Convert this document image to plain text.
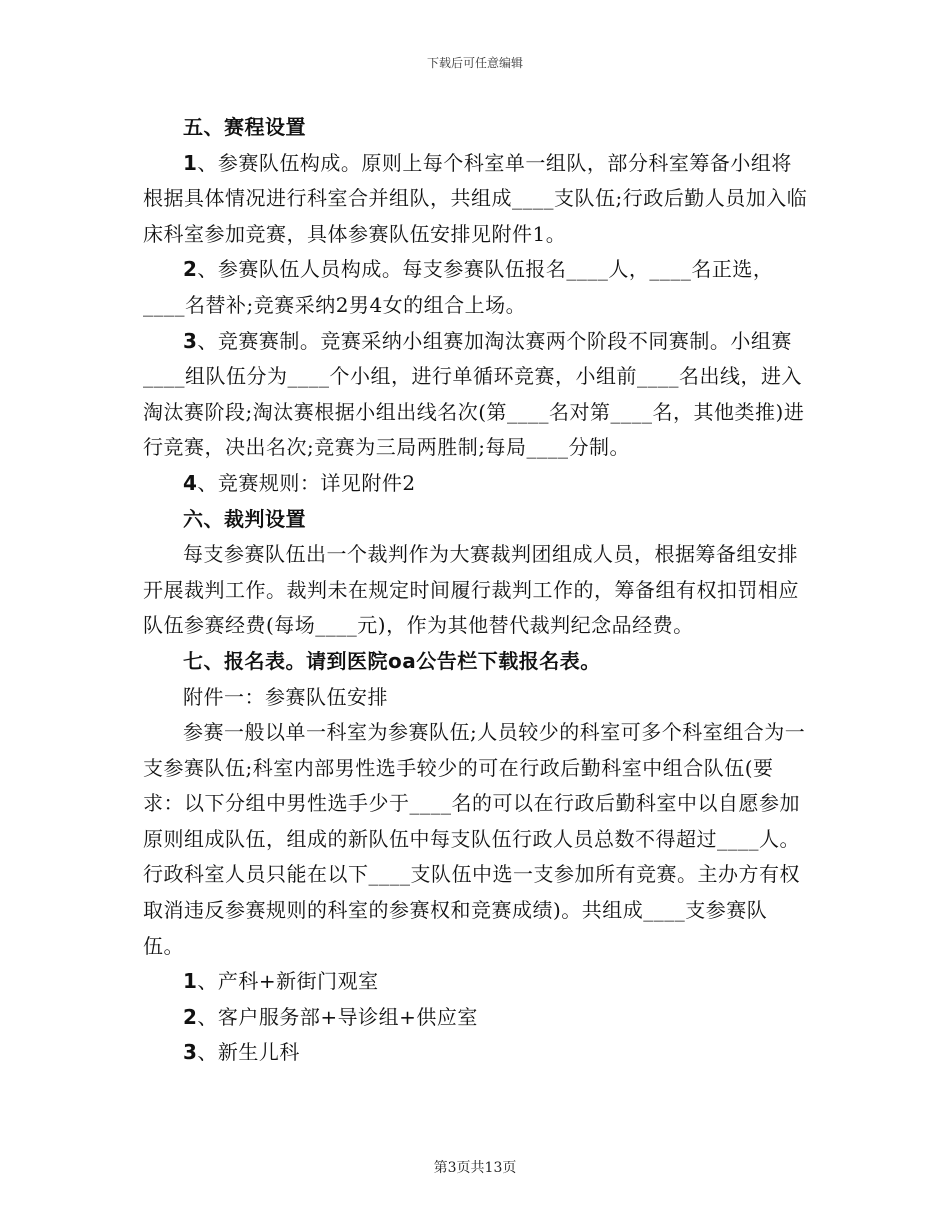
下载后可任意编辑

五、赛程设置

1、参赛队伍构成。原则上每个科室单一组队，部分科室筹备小组将根据具体情况进行科室合并组队，共组成____支队伍;行政后勤人员加入临床科室参加竞赛，具体参赛队伍安排见附件1。

2、参赛队伍人员构成。每支参赛队伍报名____人，____名正选，____名替补;竞赛采纳2男4女的组合上场。

3、竞赛赛制。竞赛采纳小组赛加淘汰赛两个阶段不同赛制。小组赛____组队伍分为____个小组，进行单循环竞赛，小组前____名出线，进入淘汰赛阶段;淘汰赛根据小组出线名次(第____名对第____名，其他类推)进行竞赛，决出名次;竞赛为三局两胜制;每局____分制。

4、竞赛规则：详见附件2

六、裁判设置

每支参赛队伍出一个裁判作为大赛裁判团组成人员，根据筹备组安排开展裁判工作。裁判未在规定时间履行裁判工作的，筹备组有权扣罚相应队伍参赛经费(每场____元)，作为其他替代裁判纪念品经费。

七、报名表。请到医院oa公告栏下载报名表。

附件一：参赛队伍安排

参赛一般以单一科室为参赛队伍;人员较少的科室可多个科室组合为一支参赛队伍;科室内部男性选手较少的可在行政后勤科室中组合队伍(要求：以下分组中男性选手少于____名的可以在行政后勤科室中以自愿参加原则组成队伍，组成的新队伍中每支队伍行政人员总数不得超过____人。行政科室人员只能在以下____支队伍中选一支参加所有竞赛。主办方有权取消违反参赛规则的科室的参赛权和竞赛成绩)。共组成____支参赛队伍。

1、产科+新街门观室

2、客户服务部+导诊组+供应室

3、新生儿科

第3页共13页
